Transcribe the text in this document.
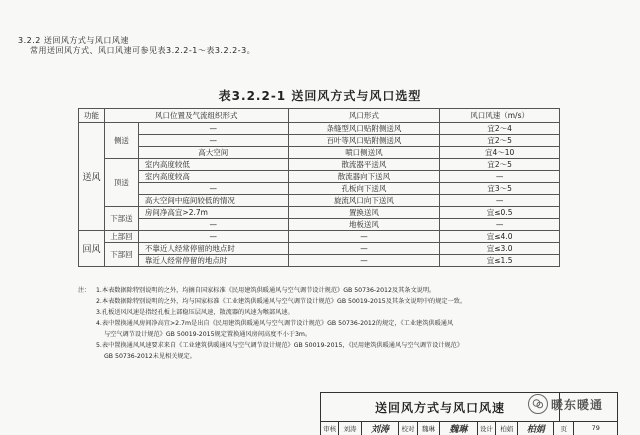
3.2.2 送回风方式与风口风速
常用送回风方式、风口风速可参见表3.2.2-1～表3.2.2-3。
表3.2.2-1 送回风方式与风口选型
功能	风口位置及气流组织形式		风口形式	风口风速（m/s）
送风	侧送	—	条缝型风口贴附侧送风	宜2～4
		—	百叶等风口贴附侧送风	宜2～5
		高大空间	喷口侧送风	宜4～10
	顶送	室内高度较低	散流器平送风	宜2～5
		室内高度较高	散流器向下送风	—
		—	孔板向下送风	宜3～5
		高大空间中庭间较低的情况	旋流风口向下送风	—
	下部送	房间净高宜>2.7m	置换送风	宜≤0.5
		—	地板送风	—
回风	上部回	—	—	宜≤4.0
	下部回	不靠近人经常停留的地点时	—	宜≤3.0
		靠近人经常停留的地点时	—	宜≤1.5
注： 1.本表数据除特别说明的之外，均摘自国家标准《民用建筑供暖通风与空气调节设计规范》GB 50736-2012及其条文说明。
2.本表数据除特别说明的之外，均与国家标准《工业建筑供暖通风与空气调节设计规范》GB 50019-2015及其条文说明中的规定一致。
3.孔板送风风速是指经孔板上部稳压层风速，散流器的风速为喉部风速。
4.表中置换通风房间净高宜>2.7m是出自《民用建筑供暖通风与空气调节设计规范》GB 50736-2012的规定，《工业建筑供暖通风
与空气调节设计规范》GB 50019-2015规定置换通风房间高度不小于3m。
5.表中置换通风风速要求来自《工业建筑供暖通风与空气调节设计规范》GB 50019-2015，《民用建筑供暖通风与空气调节设计规范》
GB 50736-2012未见相关规定。
送回风方式与风口风速
审核	刘涛	刘涛	校对	魏琳	魏琳	设计	柏娟	柏娟	页	79
暖东暖通
